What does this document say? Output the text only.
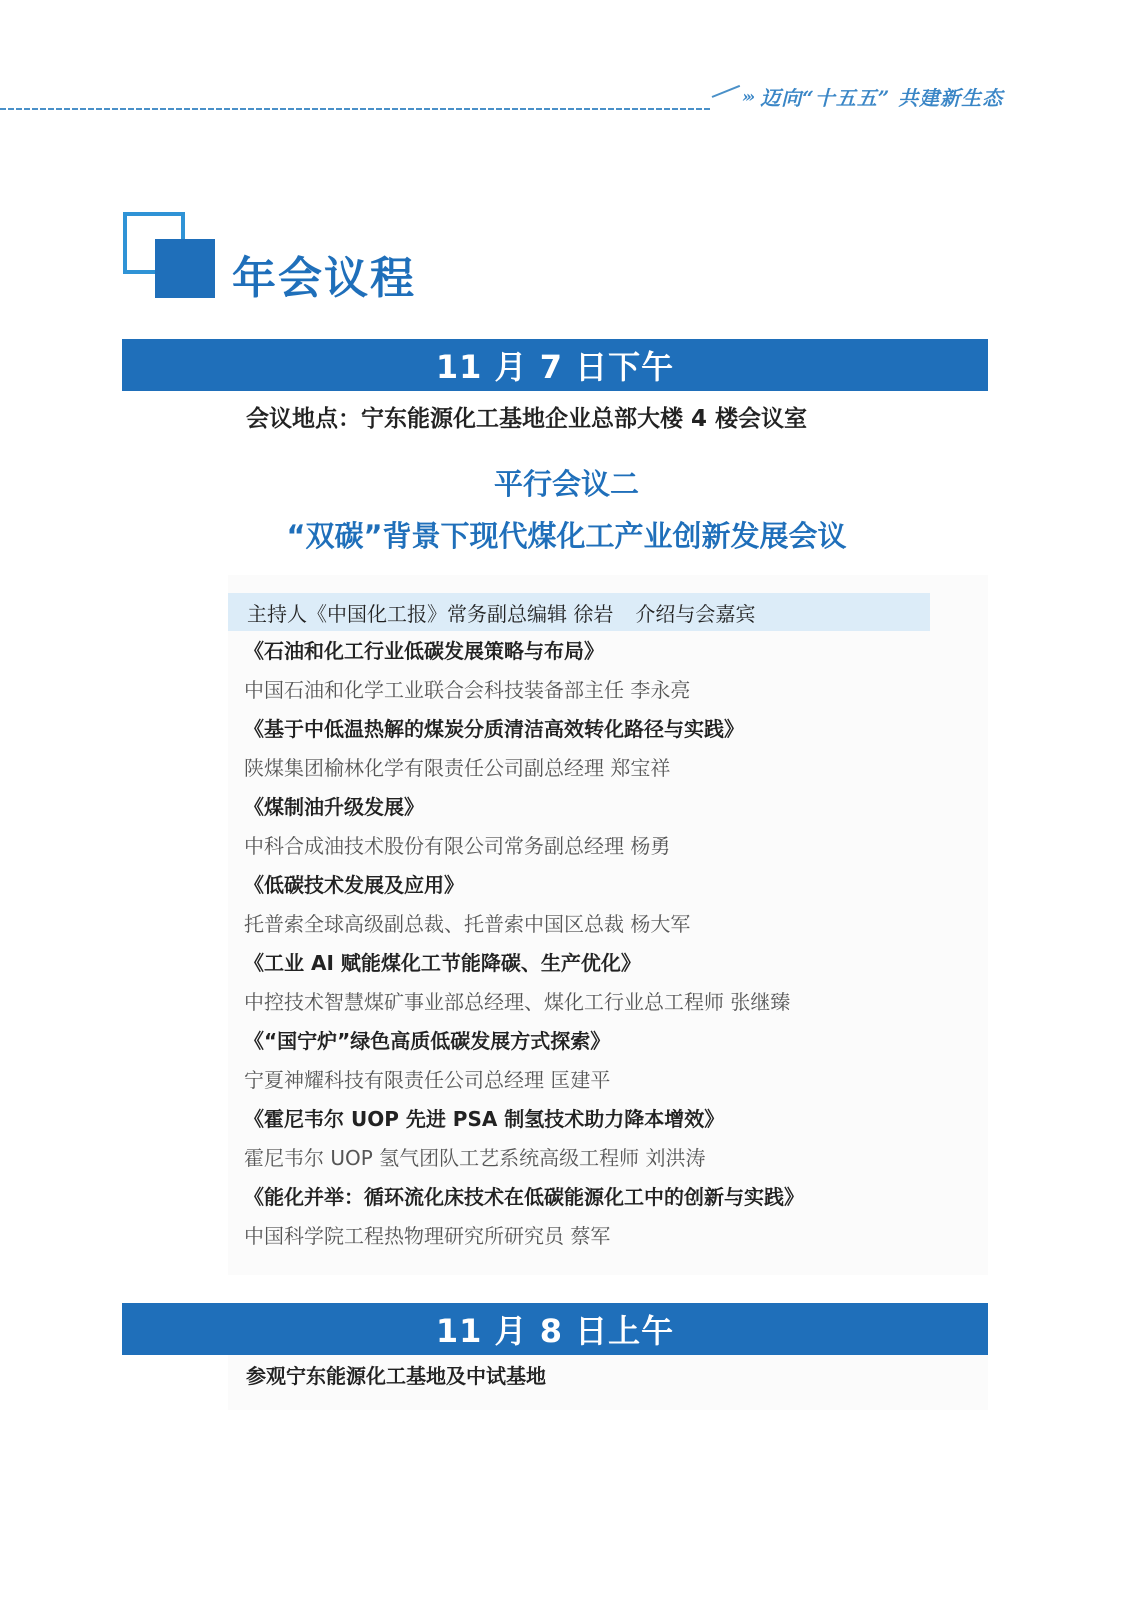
››› 迈向“十五五” 共建新生态
年会议程
11 月 7 日下午
会议地点：宁东能源化工基地企业总部大楼 4 楼会议室
平行会议二
“双碳”背景下现代煤化工产业创新发展会议
主持人《中国化工报》常务副总编辑 徐岩 介绍与会嘉宾
《石油和化工行业低碳发展策略与布局》
中国石油和化学工业联合会科技装备部主任 李永亮
《基于中低温热解的煤炭分质清洁高效转化路径与实践》
陕煤集团榆林化学有限责任公司副总经理 郑宝祥
《煤制油升级发展》
中科合成油技术股份有限公司常务副总经理 杨勇
《低碳技术发展及应用》
托普索全球高级副总裁、托普索中国区总裁 杨大军
《工业 AI 赋能煤化工节能降碳、生产优化》
中控技术智慧煤矿事业部总经理、煤化工行业总工程师 张继臻
《“国宁炉”绿色高质低碳发展方式探索》
宁夏神耀科技有限责任公司总经理 匡建平
《霍尼韦尔 UOP 先进 PSA 制氢技术助力降本增效》
霍尼韦尔 UOP 氢气团队工艺系统高级工程师 刘洪涛
《能化并举：循环流化床技术在低碳能源化工中的创新与实践》
中国科学院工程热物理研究所研究员 蔡军
11 月 8 日上午
参观宁东能源化工基地及中试基地
